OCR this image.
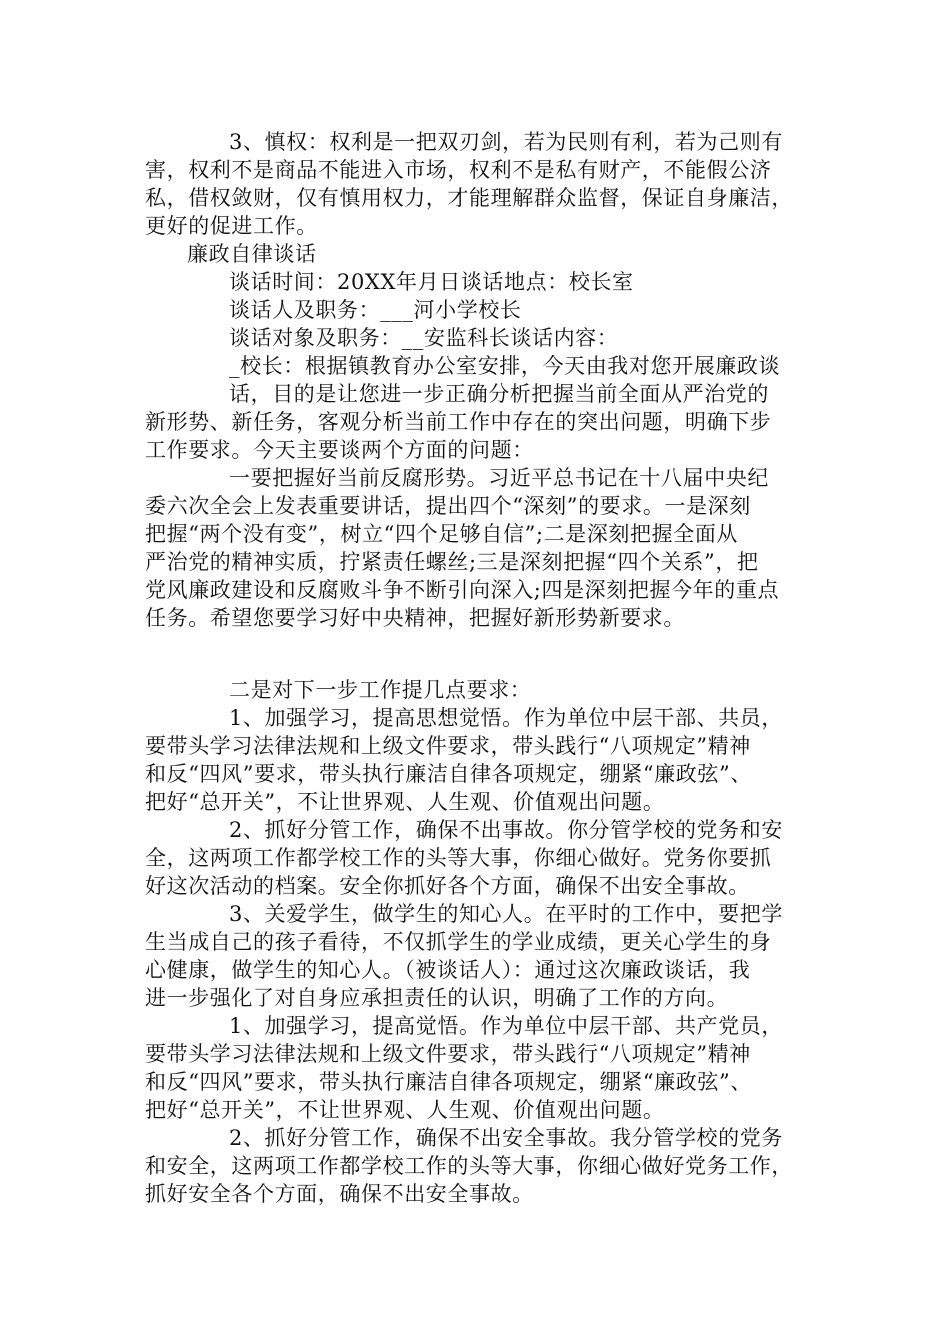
3、慎权：权利是一把双刃剑，若为民则有利，若为己则有
害，权利不是商品不能进入市场，权利不是私有财产，不能假公济
私，借权敛财，仅有慎用权力，才能理解群众监督，保证自身廉洁，
更好的促进工作。
廉政自律谈话
谈话时间：20XX年月日谈话地点：校长室
谈话人及职务：___河小学校长
谈话对象及职务：__安监科长谈话内容：
_校长：根据镇教育办公室安排，今天由我对您开展廉政谈
话，目的是让您进一步正确分析把握当前全面从严治党的
新形势、新任务，客观分析当前工作中存在的突出问题，明确下步
工作要求。今天主要谈两个方面的问题：
一要把握好当前反腐形势。习近平总书记在十八届中央纪
委六次全会上发表重要讲话，提出四个“深刻”的要求。一是深刻
把握“两个没有变”，树立“四个足够自信”;二是深刻把握全面从
严治党的精神实质，拧紧责任螺丝;三是深刻把握“四个关系”，把
党风廉政建设和反腐败斗争不断引向深入;四是深刻把握今年的重点
任务。希望您要学习好中央精神，把握好新形势新要求。
二是对下一步工作提几点要求：
1、加强学习，提高思想觉悟。作为单位中层干部、共员，
要带头学习法律法规和上级文件要求，带头践行“八项规定”精神
和反“四风”要求，带头执行廉洁自律各项规定，绷紧“廉政弦”、
把好“总开关”，不让世界观、人生观、价值观出问题。
2、抓好分管工作，确保不出事故。你分管学校的党务和安
全，这两项工作都学校工作的头等大事，你细心做好。党务你要抓
好这次活动的档案。安全你抓好各个方面，确保不出安全事故。
3、关爱学生，做学生的知心人。在平时的工作中，要把学
生当成自己的孩子看待，不仅抓学生的学业成绩，更关心学生的身
心健康，做学生的知心人。（被谈话人）：通过这次廉政谈话，我
进一步强化了对自身应承担责任的认识，明确了工作的方向。
1、加强学习，提高觉悟。作为单位中层干部、共产党员，
要带头学习法律法规和上级文件要求，带头践行“八项规定”精神
和反“四风”要求，带头执行廉洁自律各项规定，绷紧“廉政弦”、
把好“总开关”，不让世界观、人生观、价值观出问题。
2、抓好分管工作，确保不出安全事故。我分管学校的党务
和安全，这两项工作都学校工作的头等大事，你细心做好党务工作，
抓好安全各个方面，确保不出安全事故。
